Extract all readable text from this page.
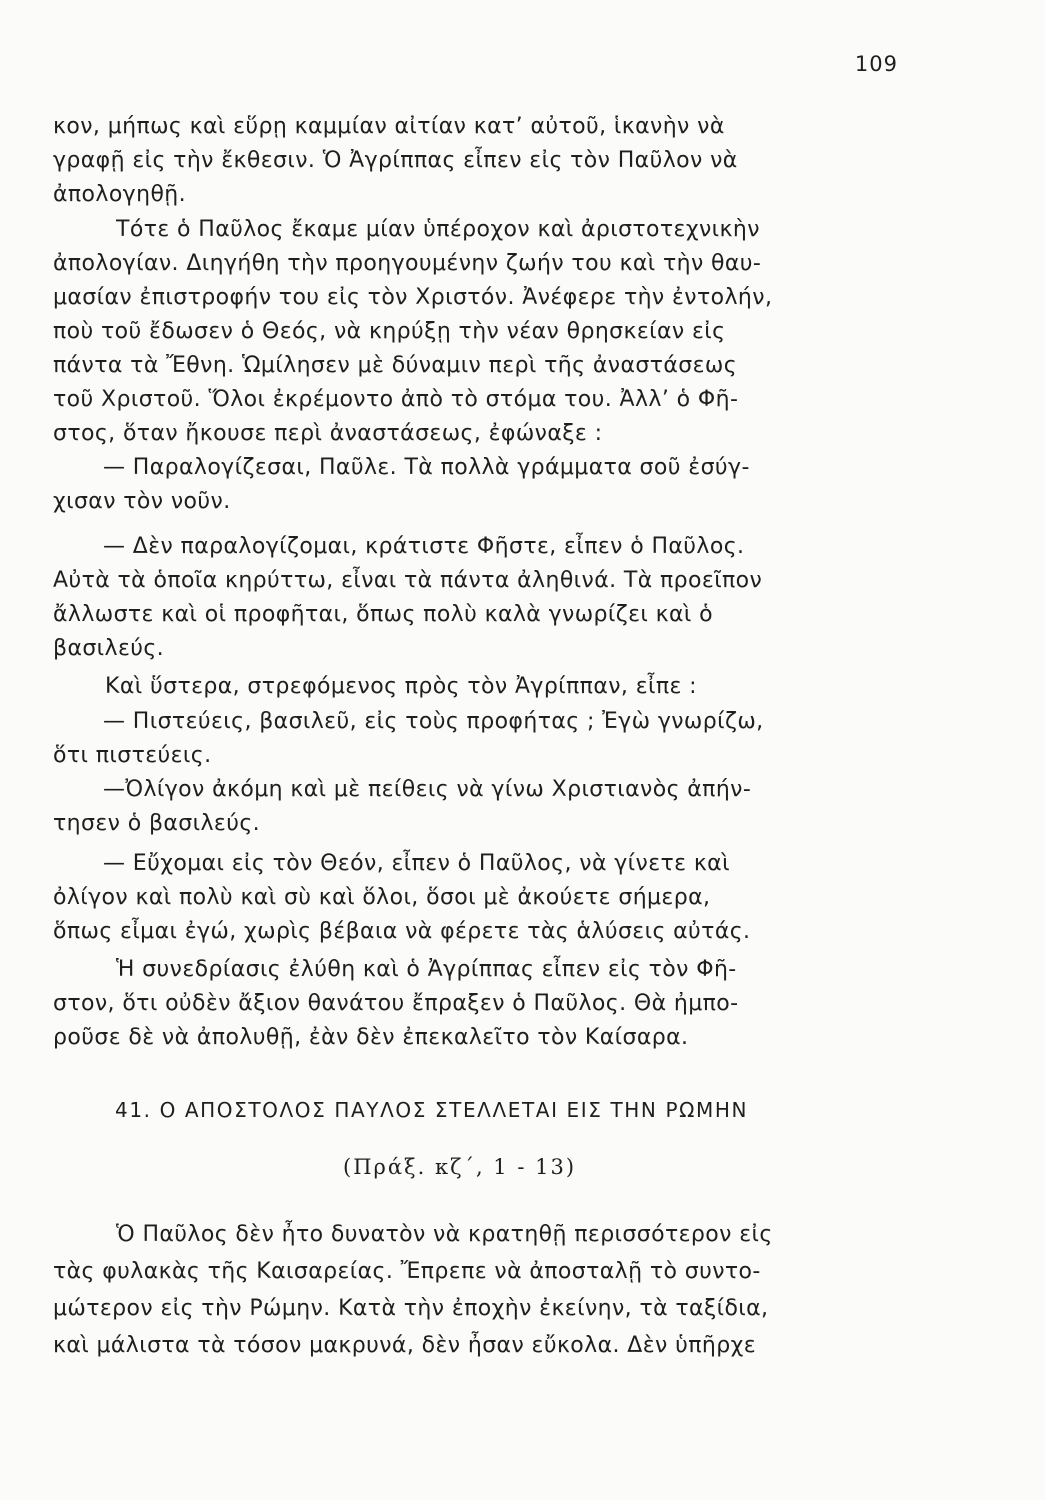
109
κον, μήπως καὶ εὕρῃ καμμίαν αἰτίαν κατ’ αὐτοῦ, ἱκανὴν νὰ
γραφῇ εἰς τὴν ἔκθεσιν. Ὁ Ἀγρίππας εἶπεν εἰς τὸν Παῦλον νὰ
ἀπολογηθῇ.
Τότε ὁ Παῦλος ἔκαμε μίαν ὑπέροχον καὶ ἀριστοτεχνικὴν
ἀπολογίαν. Διηγήθη τὴν προηγουμένην ζωήν του καὶ τὴν θαυ-
μασίαν ἐπιστροφήν του εἰς τὸν Χριστόν. Ἀνέφερε τὴν ἐντολήν,
ποὺ τοῦ ἔδωσεν ὁ Θεός, νὰ κηρύξῃ τὴν νέαν θρησκείαν εἰς
πάντα τὰ Ἔθνη. Ὡμίλησεν μὲ δύναμιν περὶ τῆς ἀναστάσεως
τοῦ Χριστοῦ. Ὅλοι ἐκρέμοντο ἀπὸ τὸ στόμα του. Ἀλλ’ ὁ Φῆ-
στος, ὅταν ἤκουσε περὶ ἀναστάσεως, ἐφώναξε :
— Παραλογίζεσαι, Παῦλε. Τὰ πολλὰ γράμματα σοῦ ἐσύγ-
χισαν τὸν νοῦν.
— Δὲν παραλογίζομαι, κράτιστε Φῆστε, εἶπεν ὁ Παῦλος.
Αὐτὰ τὰ ὁποῖα κηρύττω, εἶναι τὰ πάντα ἀληθινά. Τὰ προεῖπον
ἄλλωστε καὶ οἱ προφῆται, ὅπως πολὺ καλὰ γνωρίζει καὶ ὁ
βασιλεύς.
Καὶ ὕστερα, στρεφόμενος πρὸς τὸν Ἀγρίππαν, εἶπε :
— Πιστεύεις, βασιλεῦ, εἰς τοὺς προφήτας ; Ἐγὼ γνωρίζω,
ὅτι πιστεύεις.
—Ὀλίγον ἀκόμη καὶ μὲ πείθεις νὰ γίνω Χριστιανὸς ἀπήν-
τησεν ὁ βασιλεύς.
— Εὔχομαι εἰς τὸν Θεόν, εἶπεν ὁ Παῦλος, νὰ γίνετε καὶ
ὀλίγον καὶ πολὺ καὶ σὺ καὶ ὅλοι, ὅσοι μὲ ἀκούετε σήμερα,
ὅπως εἶμαι ἐγώ, χωρὶς βέβαια νὰ φέρετε τὰς ἁλύσεις αὐτάς.
Ἡ συνεδρίασις ἐλύθη καὶ ὁ Ἀγρίππας εἶπεν εἰς τὸν Φῆ-
στον, ὅτι οὐδὲν ἄξιον θανάτου ἔπραξεν ὁ Παῦλος. Θὰ ἠμπο-
ροῦσε δὲ νὰ ἀπολυθῇ, ἐὰν δὲν ἐπεκαλεῖτο τὸν Καίσαρα.
41. Ο ΑΠΟΣΤΟΛΟΣ ΠΑΥΛΟΣ ΣΤΕΛΛΕΤΑΙ ΕΙΣ ΤΗΝ ΡΩΜΗΝ
(Πράξ. κζ΄, 1 - 13)
Ὁ Παῦλος δὲν ἦτο δυνατὸν νὰ κρατηθῇ περισσότερον εἰς
τὰς φυλακὰς τῆς Καισαρείας. Ἔπρεπε νὰ ἀποσταλῇ τὸ συντο-
μώτερον εἰς τὴν Ρώμην. Κατὰ τὴν ἐποχὴν ἐκείνην, τὰ ταξίδια,
καὶ μάλιστα τὰ τόσον μακρυνά, δὲν ἦσαν εὔκολα. Δὲν ὑπῆρχε
